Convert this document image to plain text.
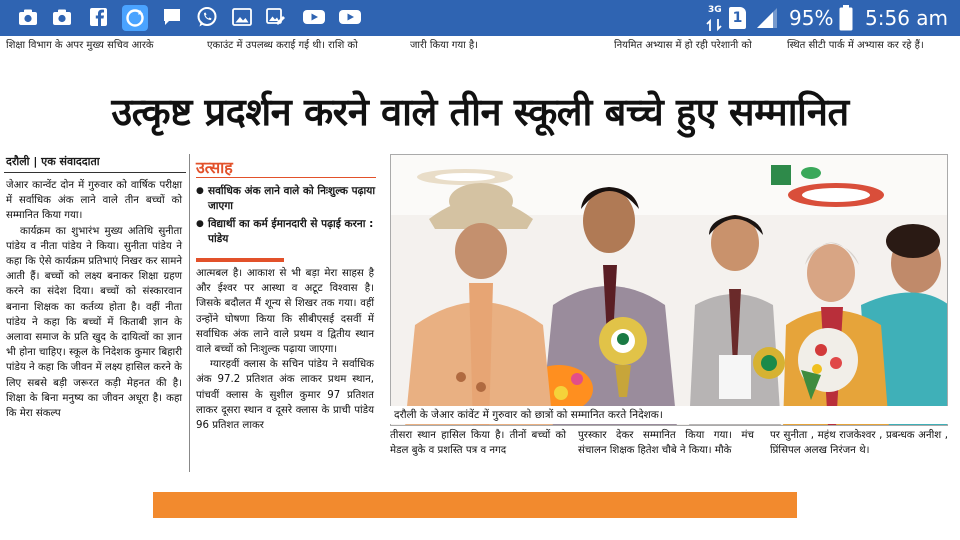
3G 1 95% 5:56 am
शिक्षा विभाग के अपर मुख्य सचिव आरके	एकाउंट में उपलब्ध कराई गई थी। राशि को	जारी किया गया है।	नियमित अभ्यास में हो रही परेशानी को	स्थित सीटी पार्क में अभ्यास कर रहे हैं।
उत्कृष्ट प्रदर्शन करने वाले तीन स्कूली बच्चे हुए सम्मानित
दरौली | एक संवाददाता

जेआर कान्वेंट दोन में गुरुवार को वार्षिक परीक्षा में सर्वाधिक अंक लाने वाले तीन बच्चों को सम्मानित किया गया।

कार्यक्रम का शुभारंभ मुख्य अतिथि सुनीता पांडेय व नीता पांडेय ने किया। सुनीता पांडेय ने कहा कि ऐसे कार्यक्रम प्रतिभाएं निखर कर सामने आती हैं। बच्चों को लक्ष्य बनाकर शिक्षा ग्रहण करने का संदेश दिया। बच्चों को संस्कारवान बनाना शिक्षक का कर्तव्य होता है। वहीं नीता पांडेय ने कहा कि बच्चों में किताबी ज्ञान के अलावा समाज के प्रति खुद के दायित्वों का ज्ञान भी होना चाहिए। स्कूल के निदेशक कुमार बिहारी पांडेय ने कहा कि जीवन में लक्ष्य हासिल करने के लिए सबसे बड़ी जरूरत कड़ी मेहनत की है। शिक्षा के बिना मनुष्य का जीवन अधूरा है। कहा कि मेरा संकल्प

उत्साह
● सर्वाधिक अंक लाने वाले को निःशुल्क पढ़ाया जाएगा
● विद्यार्थी का कर्म ईमानदारी से पढ़ाई करना : पांडेय

आत्मबल है। आकाश से भी बड़ा मेरा साहस है और ईश्वर पर आस्था व अटूट विश्वास है। जिसके बदौलत मैं शून्य से शिखर तक गया। वहीं उन्होंने घोषणा किया कि सीबीएसई दसवीं में सर्वाधिक अंक लाने वाले प्रथम व द्वितीय स्थान वाले बच्चों को निःशुल्क पढ़ाया जाएगा।

ग्यारहवीं क्लास के सचिन पांडेय ने सर्वाधिक अंक 97.2 प्रतिशत अंक लाकर प्रथम स्थान, पांचवीं क्लास के सुशील कुमार 97 प्रतिशत लाकर दूसरा स्थान व दूसरे क्लास के प्राची पांडेय 96 प्रतिशत लाकर

दरौली के जेआर कांवेंट में गुरुवार को छात्रों को सम्मानित करते निदेशक।

तीसरा स्थान हासिल किया है। तीनों बच्चों को मेडल बुके व प्रशस्ति पत्र व नगद

पुरस्कार देकर सम्मानित किया गया। मंच संचालन शिक्षक हितेश चौबे ने किया। मौके

पर सुनीता , महंथ राजकेश्वर , प्रबन्धक अनीश , प्रिंसिपल अलख निरंजन थे।
